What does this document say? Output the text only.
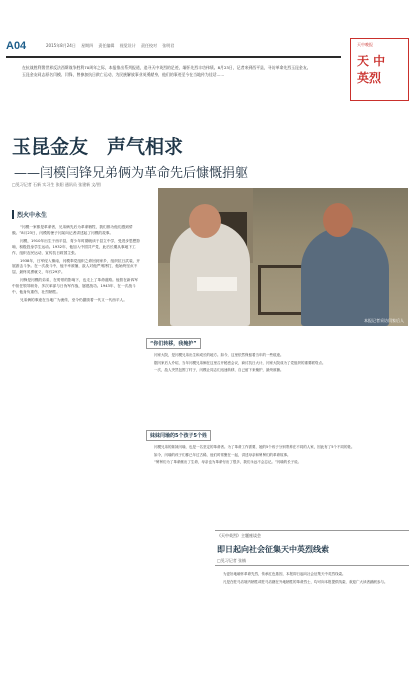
A04	2015年8月24日 星期四 责任编辑 视觉设计 责任校对 张明君	天中晚报
天 中
英烈

在抗战胜利暨世界反法西斯战争胜利70周年之际，本报推出系列报道，追寻天中英烈的足迹，缅怀先烈丰功伟绩。8月23日，记者来到西平县，寻访革命先烈玉昆金友。

玉昆金友同志原名闫模、闫锋，曾参加抗日救亡运动，为民族解放事业英勇献身，他们的事迹至今在当地传为佳话……

玉昆金友　声气相求
——闫模闫锋兄弟俩为革命先后慷慨捐躯
□见习记者 石新 实习生 张阳 通讯员 张建新 文/图
本报记者采访闫家后人
烈火中永生

“闫模一家都是革命者，兄弟俩先后为革命牺牲，我们都为他们感到骄傲。”8月23日，闫模的侄子闫某向记者讲述起了闫模的故事。

闫模，1910年出生于西平县，青少年时期就读于县立中学，受进步思想影响，积极投身学生运动。1932年，他加入中国共产党，此后长期从事地下工作，组织农民运动，宣传抗日救国主张。

1938年，日军侵入豫南，闫模奉党组织之命回到家乡，组织抗日武装，开展游击斗争。在一次战斗中，他不幸被捕，敌人对他严刑拷打，他始终坚贞不屈，最终英勇就义，年仅29岁。

闫锋是闫模的弟弟，在哥哥的影响下，也走上了革命道路。他曾在新四军中担任领导职务，多次率部与日伪军作战，屡建战功。1943年，在一次战斗中，他身负重伤，壮烈牺牲。

兄弟俩的事迹在当地广为流传，至今仍激励着一代又一代西平人。

“你们转移，我掩护”

闫家大院，是闫模兄弟出生和成长的地方。如今，这里依然保留着当年的一些痕迹。

据闫家后人介绍，当年闫模兄弟俩在这里召开秘密会议，商讨抗日大计，闫家大院成为了党组织的重要联络点。

一次，敌人突然包围了村子，闫模让同志们迅速转移，自己留下来掩护，最终被捕。

妹妹闫瑜的5个孩子5个姓

闫模兄弟的妹妹闫瑜，也是一名坚定的革命者。为了革命工作需要，她的5个孩子分别寄养在不同的人家，因此有了5个不同的姓。

如今，闫瑜的孩子们都已年过古稀，他们时常聚在一起，讲述母亲和舅舅们的革命故事。

“舅舅们为了革命献出了生命，母亲也为革命付出了很多，我们永远不会忘记。”闫瑜的长子说。

《天中英烈》主题座谈会
即日起向社会征集天中英烈线索
□见习记者 张楠

为更好地缅怀革命先烈，传承红色基因，本报即日起向社会征集天中英烈线索。

凡是在驻马店境内牺牲或驻马店籍在外地牺牲的革命烈士，均可向本报提供线索，欢迎广大读者踊跃参与。
